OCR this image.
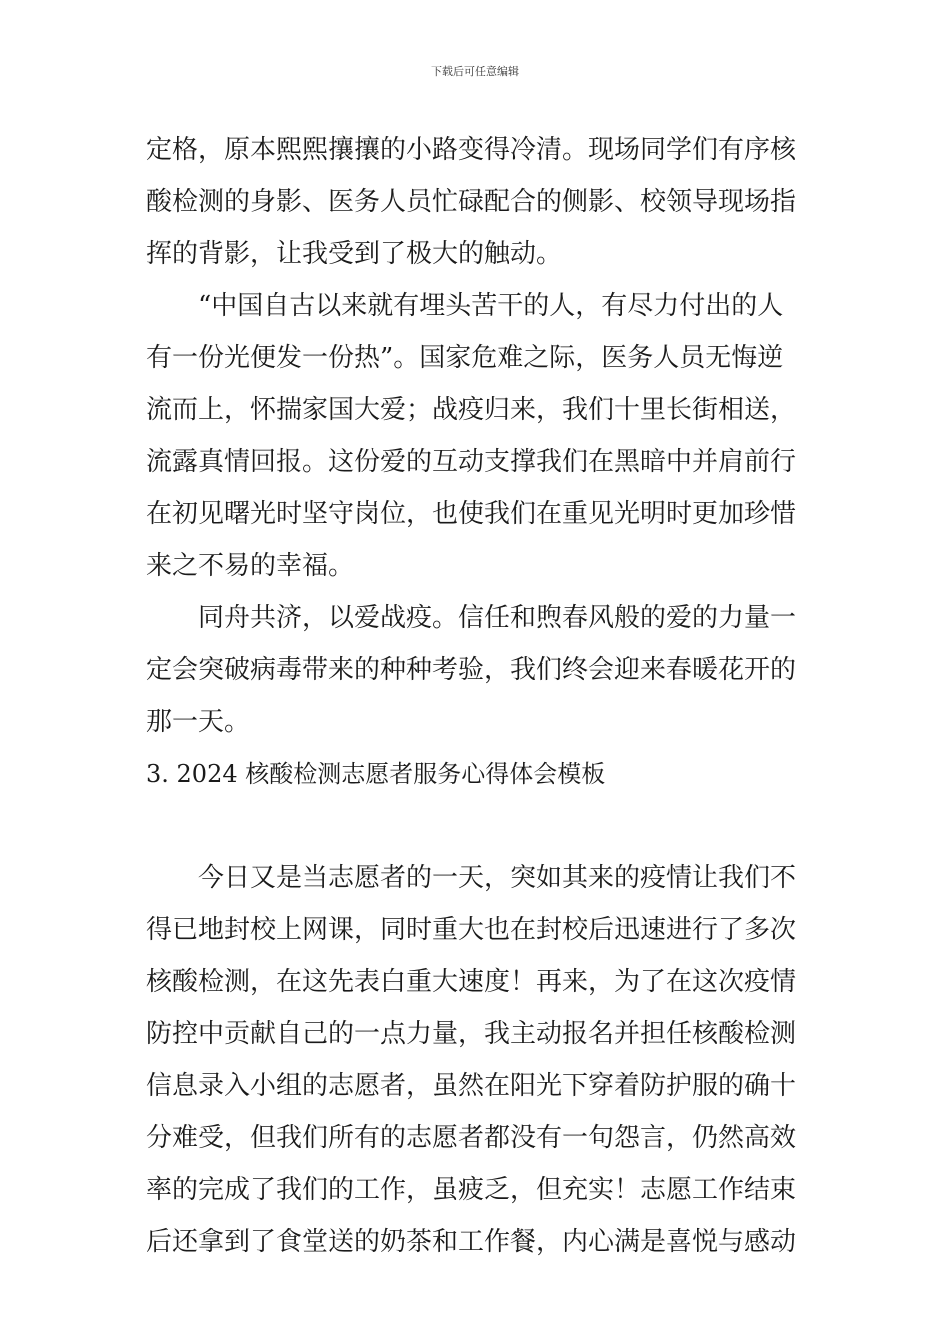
下载后可任意编辑
定格，原本熙熙攘攘的小路变得冷清。现场同学们有序核
酸检测的身影、医务人员忙碌配合的侧影、校领导现场指
挥的背影，让我受到了极大的触动。
“中国自古以来就有埋头苦干的人，有尽力付出的人
有一份光便发一份热”。国家危难之际，医务人员无悔逆
流而上，怀揣家国大爱；战疫归来，我们十里长街相送，
流露真情回报。这份爱的互动支撑我们在黑暗中并肩前行
在初见曙光时坚守岗位，也使我们在重见光明时更加珍惜
来之不易的幸福。
同舟共济，以爱战疫。信任和煦春风般的爱的力量一
定会突破病毒带来的种种考验，我们终会迎来春暖花开的
那一天。
3. 2024 核酸检测志愿者服务心得体会模板
今日又是当志愿者的一天，突如其来的疫情让我们不
得已地封校上网课，同时重大也在封校后迅速进行了多次
核酸检测，在这先表白重大速度！再来，为了在这次疫情
防控中贡献自己的一点力量，我主动报名并担任核酸检测
信息录入小组的志愿者，虽然在阳光下穿着防护服的确十
分难受，但我们所有的志愿者都没有一句怨言，仍然高效
率的完成了我们的工作，虽疲乏，但充实！志愿工作结束
后还拿到了食堂送的奶茶和工作餐，内心满是喜悦与感动
